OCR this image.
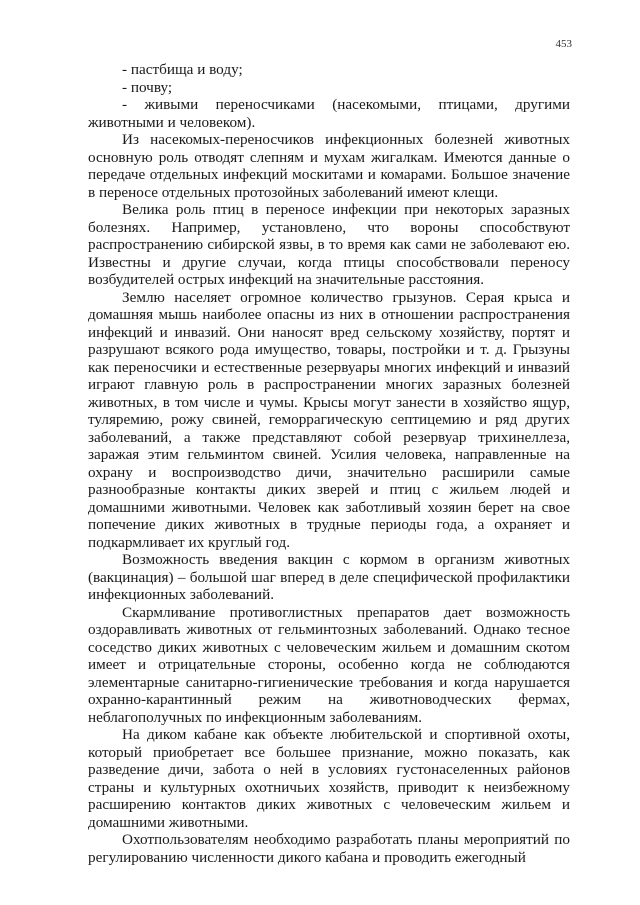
453

- пастбища и воду;

- почву;

- живыми переносчиками (насекомыми, птицами, другими животными и человеком).

Из насекомых-переносчиков инфекционных болезней животных основную роль отводят слепням и мухам жигалкам. Имеются данные о передаче отдельных инфекций москитами и комарами. Большое значение в переносе отдельных протозойных заболеваний имеют клещи.

Велика роль птиц в переносе инфекции при некоторых заразных болезнях. Например, установлено, что вороны способствуют распространению сибирской язвы, в то время как сами не заболевают ею. Известны и другие случаи, когда птицы способствовали переносу возбудителей острых инфекций на значительные расстояния.

Землю населяет огромное количество грызунов. Серая крыса и домашняя мышь наиболее опасны из них в отношении распространения инфекций и инвазий. Они наносят вред сельскому хозяйству, портят и разрушают всякого рода имущество, товары, постройки и т. д. Грызуны как переносчики и естественные резервуары многих инфекций и инвазий играют главную роль в распространении многих заразных болезней животных, в том числе и чумы. Крысы могут занести в хозяйство ящур, туляремию, рожу свиней, геморрагическую септицемию и ряд других заболеваний, а также представляют собой резервуар трихинеллеза, заражая этим гельминтом свиней. Усилия человека, направленные на охрану и воспроизводство дичи, значительно расширили самые разнообразные контакты диких зверей и птиц с жильем людей и домашними животными. Человек как заботливый хозяин берет на свое попечение диких животных в трудные периоды года, а охраняет и подкармливает их круглый год.

Возможность введения вакцин с кормом в организм животных (вакцинация) – большой шаг вперед в деле специфической профилактики инфекционных заболеваний.

Скармливание противоглистных препаратов дает возможность оздоравливать животных от гельминтозных заболеваний. Однако тесное соседство диких животных с человеческим жильем и домашним скотом имеет и отрицательные стороны, особенно когда не соблюдаются элементарные санитарно-гигиенические требования и когда нарушается охранно-карантинный режим на животноводческих фермах, неблагополучных по инфекционным заболеваниям.

На диком кабане как объекте любительской и спортивной охоты, который приобретает все большее признание, можно показать, как разведение дичи, забота о ней в условиях густонаселенных районов страны и культурных охотничьих хозяйств, приводит к неизбежному расширению контактов диких животных с человеческим жильем и домашними животными.

Охотпользователям необходимо разработать планы мероприятий по регулированию численности дикого кабана и проводить ежегодный
